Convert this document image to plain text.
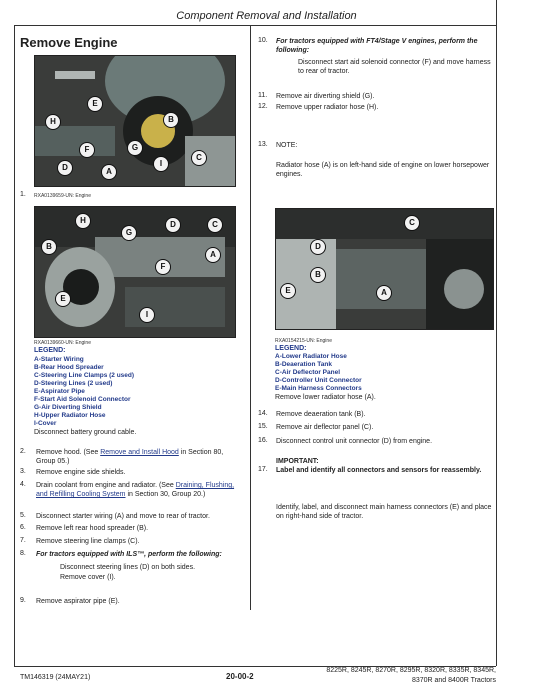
Component Removal and Installation
Remove Engine
E
B
F
C
A
I
D
G
H
1. RXA0139659-UN: Engine
H
G
D	C
B
A
F
E
I
RXA0139660-UN: Engine
LEGEND:
A-Starter Wiring
B-Rear Hood Spreader
C-Steering Line Clamps (2 used)
D-Steering Lines (2 used)
E-Aspirator Pipe
F-Start Aid Solenoid Connector
G-Air Diverting Shield
H-Upper Radiator Hose
I-Cover
Disconnect battery ground cable.
2. Remove hood. (See Remove and Install Hood in Section 80, Group 05.)
3. Remove engine side shields.
4. Drain coolant from engine and radiator. (See Draining, Flushing, and Refilling Cooling System in Section 30, Group 20.)
5. Disconnect starter wiring (A) and move to rear of tractor.
6. Remove left rear hood spreader (B).
7. Remove steering line clamps (C).
8. For tractors equipped with ILS™, perform the following:
Disconnect steering lines (D) on both sides.
Remove cover (I).
9. Remove aspirator pipe (E).
10. For tractors equipped with FT4/Stage V engines, perform the following:
Disconnect start aid solenoid connector (F) and move harness to rear of tractor.
11. Remove air diverting shield (G).
12. Remove upper radiator hose (H).
13. NOTE:
Radiator hose (A) is on left-hand side of engine on lower horsepower engines.
C
D
B
E	A
RXA0154215-UN: Engine
LEGEND:
A-Lower Radiator Hose
B-Deaeration Tank
C-Air Deflector Panel
D-Controller Unit Connector
E-Main Harness Connectors
Remove lower radiator hose (A).
14. Remove deaeration tank (B).
15. Remove air deflector panel (C).
16. Disconnect control unit connector (D) from engine.
IMPORTANT:
17. Label and identify all connectors and sensors for reassembly.
Identify, label, and disconnect main harness connectors (E) and place on right-hand side of tractor.
TM146319 (24MAY21)	20-00-2
8225R, 8245R, 8270R, 8295R, 8320R, 8335R, 8345R,
8370R and 8400R Tractors
